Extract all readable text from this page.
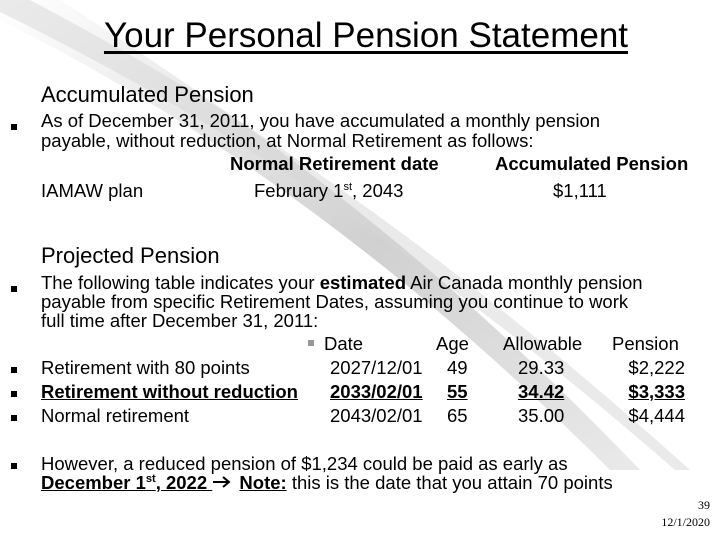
Your Personal Pension Statement
Accumulated Pension
As of December 31, 2011, you have accumulated a monthly pension
payable, without reduction, at Normal Retirement as follows:
Normal Retirement date	Accumulated Pension
IAMAW plan	February 1st, 2043	$1,111
Projected Pension
The following table indicates your estimated Air Canada monthly pension
payable from specific Retirement Dates, assuming you continue to work
full time after December 31, 2011:
Date	Age Allowable Pension
Retirement with 80 points	2027/12/01 49	29.33	$2,222
Retirement without reduction 2033/02/01 55	34.42	$3,333
Normal retirement	2043/02/01 65	35.00	$4,444
However, a reduced pension of $1,234 could be paid as early as
December 1st, 2022  Note: this is the date that you attain 70 points
39
12/1/2020
